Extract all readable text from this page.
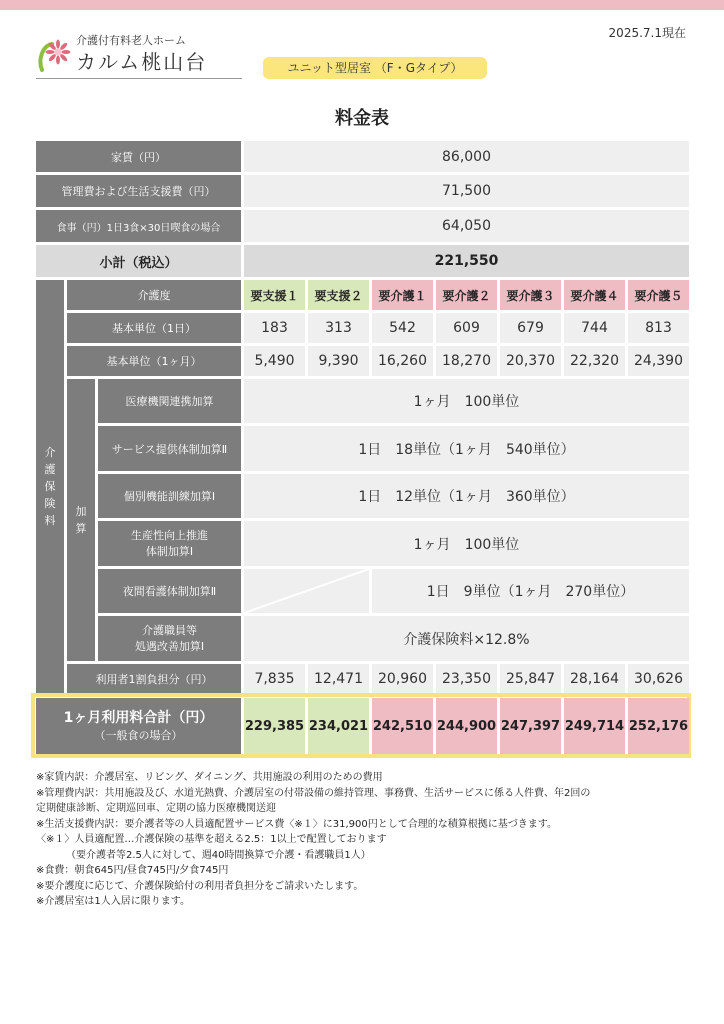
2025.7.1現在
介護付有料老人ホーム
カルム桃山台	ユニット型居室 （F・Gタイプ）
料金表
家賃（円）	86,000
管理費および生活支援費（円）	71,500
食事（円）1日3食×30日喫食の場合	64,050
小計（税込）	221,550
介
護
保
険
料
介護度	要支援１	要支援２	要介護１	要介護２	要介護３	要介護４	要介護５
基本単位（1日）	183	313	542	609	679	744	813
基本単位（1ヶ月）	5,490	9,390	16,260	18,270	20,370	22,320	24,390
加
算
医療機関連携加算	1ヶ月　100単位
サービス提供体制加算Ⅱ	1日　18単位（1ヶ月　540単位）
個別機能訓練加算Ⅰ	1日　12単位（1ヶ月　360単位）
生産性向上推進
体制加算Ⅰ	1ヶ月　100単位
夜間看護体制加算Ⅱ	1日　9単位（1ヶ月　270単位）
介護職員等
処遇改善加算Ⅰ	介護保険料×12.8%
利用者1割負担分（円）	7,835	12,471	20,960	23,350	25,847	28,164	30,626
1ヶ月利用料合計（円）
（一般食の場合）
229,385 234,021 242,510 244,900 247,397 249,714 252,176
※家賃内訳：介護居室、リビング、ダイニング、共用施設の利用のための費用
※管理費内訳：共用施設及び、水道光熱費、介護居室の付帯設備の維持管理、事務費、生活サービスに係る人件費、年2回の
定期健康診断、定期巡回車、定期の協力医療機関送迎
※生活支援費内訳：要介護者等の人員適配置サービス費〈※１〉に31,900円として合理的な積算根拠に基づきます。
〈※１〉人員適配置…介護保険の基準を超える2.5：1以上で配置しております
（要介護者等2.5人に対して、週40時間換算で介護・看護職員1人）
※食費：朝食645円/昼食745円/夕食745円
※要介護度に応じて、介護保険給付の利用者負担分をご請求いたします。
※介護居室は1人入居に限ります。
